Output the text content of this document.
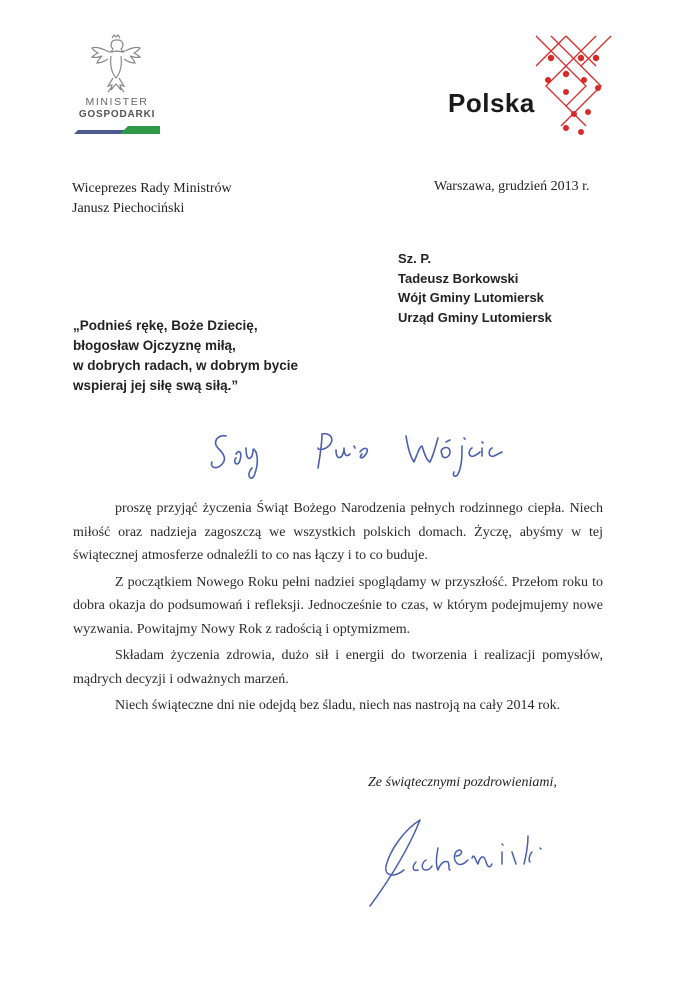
MINISTER
GOSPODARKI	Polska
Wiceprezes Rady Ministrów
Janusz Piechociński
Warszawa, grudzień 2013 r.
Sz. P.
Tadeusz Borkowski
Wójt Gminy Lutomiersk
Urząd Gminy Lutomiersk
„Podnieś rękę, Boże Dziecię,
błogosław Ojczyznę miłą,
w dobrych radach, w dobrym bycie
wspieraj jej siłę swą siłą.”

proszę przyjąć życzenia Świąt Bożego Narodzenia pełnych rodzinnego ciepła. Niech miłość oraz nadzieja zagoszczą we wszystkich polskich domach. Życzę, abyśmy w tej świątecznej atmosferze odnaleźli to co nas łączy i to co buduje.

Z początkiem Nowego Roku pełni nadziei spoglądamy w przyszłość. Przełom roku to dobra okazja do podsumowań i refleksji. Jednocześnie to czas, w którym podejmujemy nowe wyzwania. Powitajmy Nowy Rok z radością i optymizmem.

Składam życzenia zdrowia, dużo sił i energii do tworzenia i realizacji pomysłów, mądrych decyzji i odważnych marzeń.

Niech świąteczne dni nie odejdą bez śladu, niech nas nastroją na cały 2014 rok.

Ze świątecznymi pozdrowieniami,
